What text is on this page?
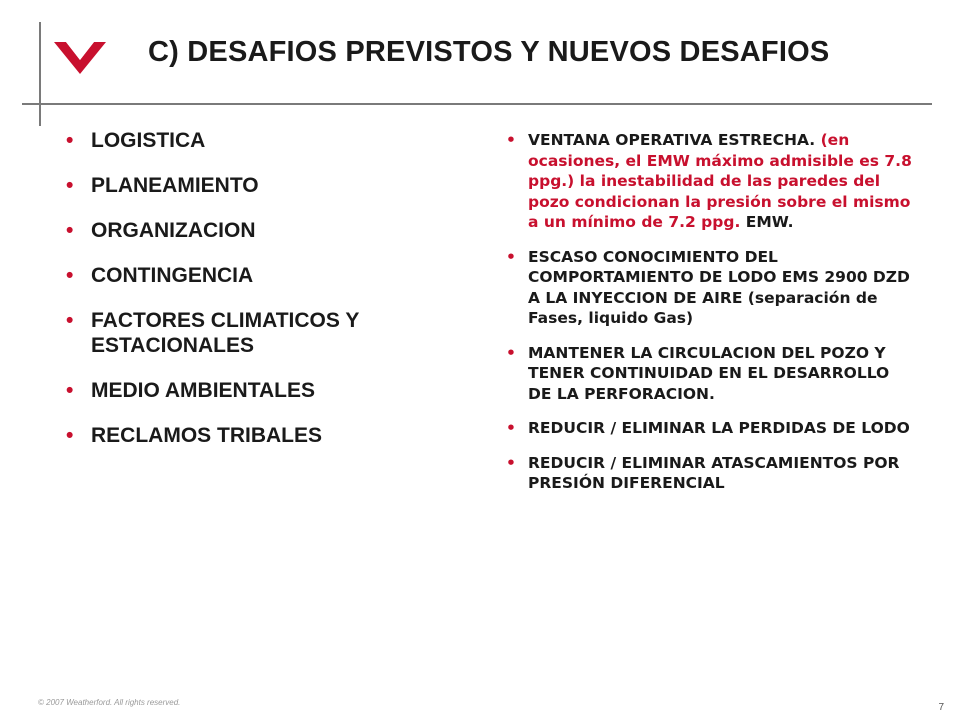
C) DESAFIOS PREVISTOS Y NUEVOS DESAFIOS
• LOGISTICA
• PLANEAMIENTO
• ORGANIZACION
• CONTINGENCIA
• FACTORES CLIMATICOS Y ESTACIONALES
• MEDIO AMBIENTALES
• RECLAMOS TRIBALES
• VENTANA OPERATIVA ESTRECHA. (en ocasiones, el EMW máximo admisible es 7.8 ppg.) la inestabilidad de las paredes del pozo condicionan la presión sobre el mismo a un mínimo de 7.2 ppg. EMW.
• ESCASO CONOCIMIENTO DEL COMPORTAMIENTO DE LODO EMS 2900 DZD A LA INYECCION DE AIRE (separación de Fases, liquido Gas)
• MANTENER LA CIRCULACION DEL POZO Y TENER CONTINUIDAD EN EL DESARROLLO DE LA PERFORACION.
• REDUCIR / ELIMINAR LA PERDIDAS DE LODO
• REDUCIR / ELIMINAR ATASCAMIENTOS POR PRESIÓN DIFERENCIAL
© 2007 Weatherford. All rights reserved.	7
